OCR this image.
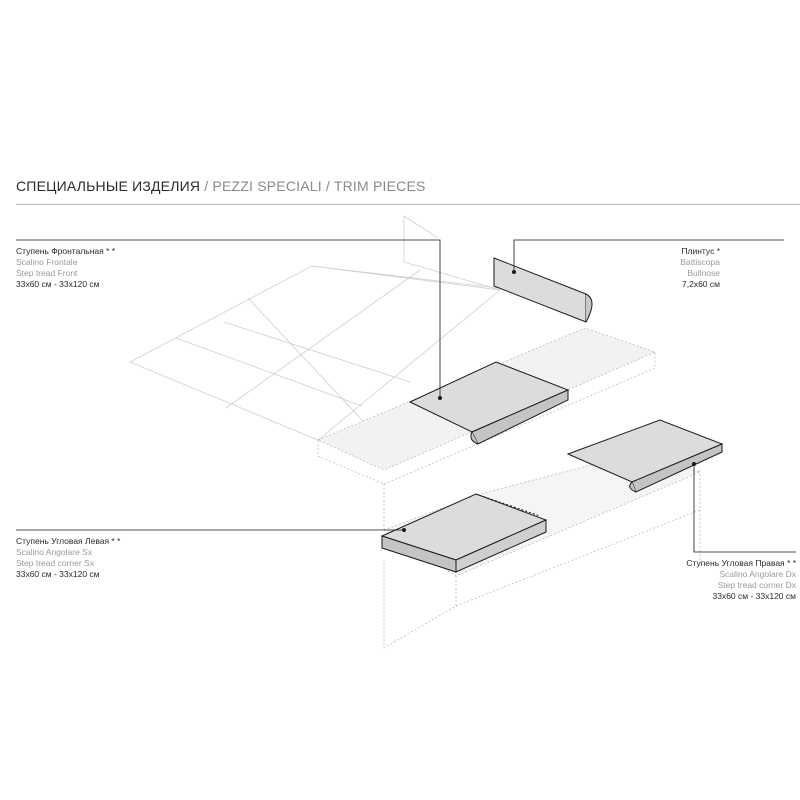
СПЕЦИАЛЬНЫЕ ИЗДЕЛИЯ / PEZZI SPECIALI / TRIM PIECES
Ступень Фронтальная * *
Scalino Frontale
Step tread Front
33x60 см - 33x120 см
Плинтус *
Battiscopa
Bullnose
7,2x60 см
Ступень Угловая Левая * *
Scalino Angolare Sx
Step tread corner Sx
33x60 см - 33x120 см
Ступень Угловая Правая * *
Scalino Angolare Dx
Step tread corner Dx
33x60 см - 33x120 см
